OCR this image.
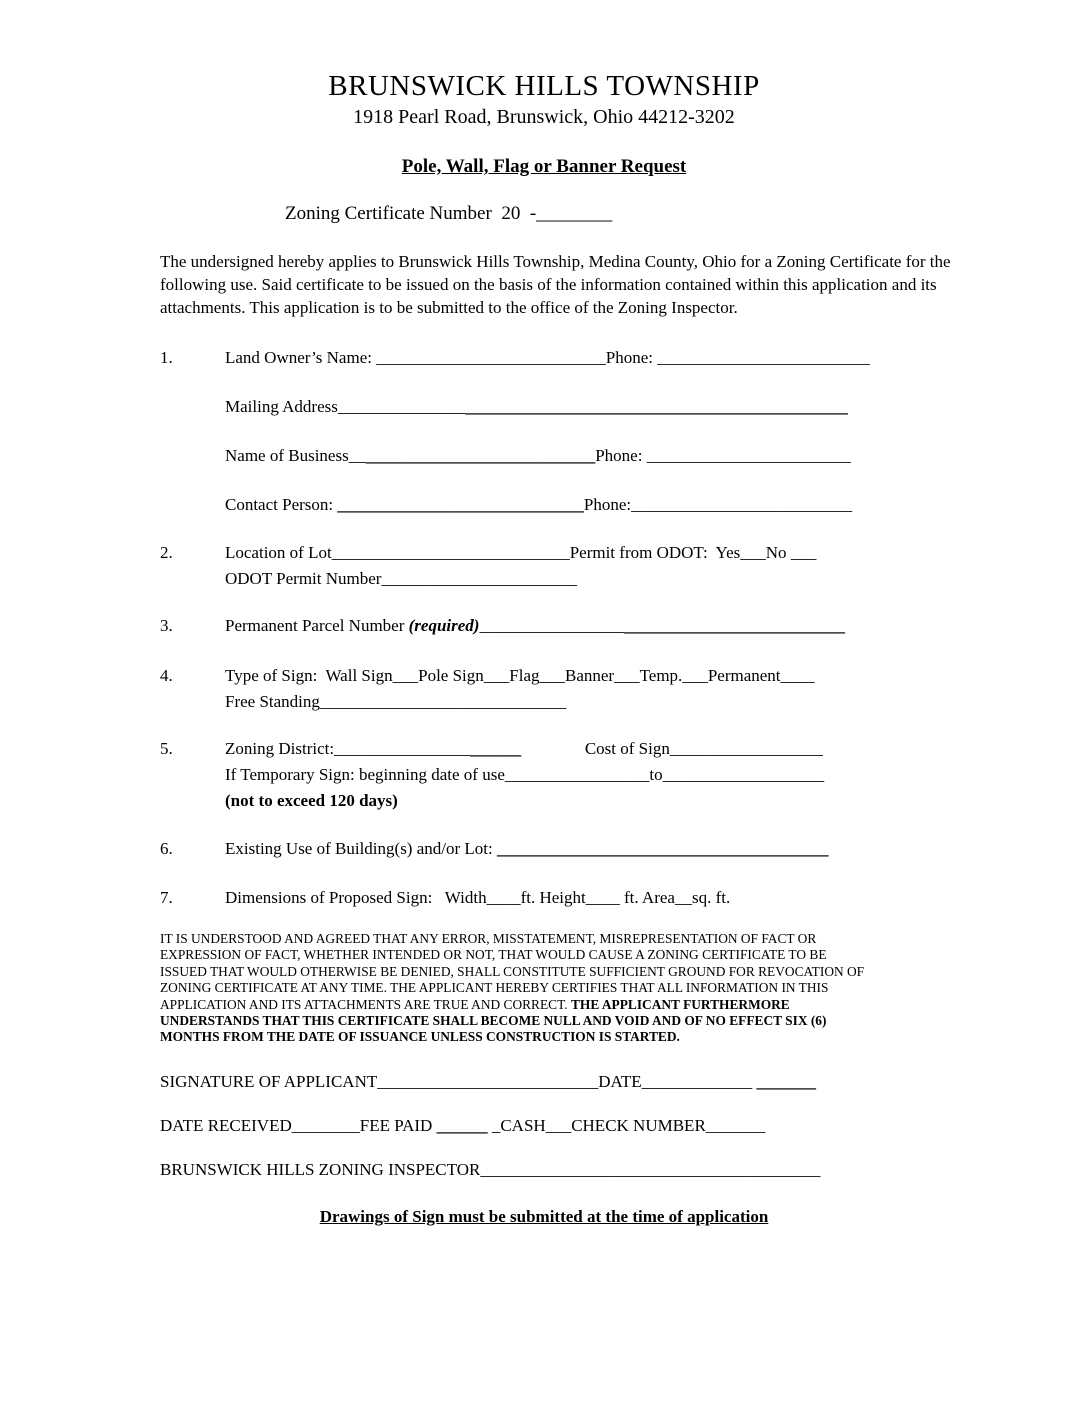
BRUNSWICK HILLS TOWNSHIP
1918 Pearl Road, Brunswick, Ohio 44212-3202
Pole, Wall, Flag or Banner Request
Zoning Certificate Number  20  -________
The undersigned hereby applies to Brunswick Hills Township, Medina County, Ohio for a Zoning Certificate for the following use. Said certificate to be issued on the basis of the information contained within this application and its attachments. This application is to be submitted to the office of the Zoning Inspector.
1.	Land Owner’s Name: ___________________________Phone: _________________________
Mailing Address____________________________________________________________
Name of Business_____________________________Phone: ________________________
Contact Person: _____________________________Phone:__________________________
2.	Location of Lot____________________________Permit from ODOT:  Yes___No ___
ODOT Permit Number_______________________
3.	Permanent Parcel Number (required)___________________________________________
4.	Type of Sign:  Wall Sign___Pole Sign___Flag___Banner___Temp.___Permanent____
Free Standing_____________________________
5.	Zoning District:______________________	Cost of Sign__________________
If Temporary Sign: beginning date of use_________________to___________________
(not to exceed 120 days)
6.	Existing Use of Building(s) and/or Lot: _______________________________________
7.	Dimensions of Proposed Sign:   Width____ft. Height____ ft. Area__sq. ft.
IT IS UNDERSTOOD AND AGREED THAT ANY ERROR, MISSTATEMENT, MISREPRESENTATION OF FACT OR
EXPRESSION OF FACT, WHETHER INTENDED OR NOT, THAT WOULD CAUSE A ZONING CERTIFICATE TO BE
ISSUED THAT WOULD OTHERWISE BE DENIED, SHALL CONSTITUTE SUFFICIENT GROUND FOR REVOCATION OF
ZONING CERTIFICATE AT ANY TIME. THE APPLICANT HEREBY CERTIFIES THAT ALL INFORMATION IN THIS
APPLICATION AND ITS ATTACHMENTS ARE TRUE AND CORRECT. THE APPLICANT FURTHERMORE
UNDERSTANDS THAT THIS CERTIFICATE SHALL BECOME NULL AND VOID AND OF NO EFFECT SIX (6)
MONTHS FROM THE DATE OF ISSUANCE UNLESS CONSTRUCTION IS STARTED.
SIGNATURE OF APPLICANT__________________________DATE_____________ _______
DATE RECEIVED________FEE PAID ______ _CASH___CHECK NUMBER_______
BRUNSWICK HILLS ZONING INSPECTOR________________________________________
Drawings of Sign must be submitted at the time of application
